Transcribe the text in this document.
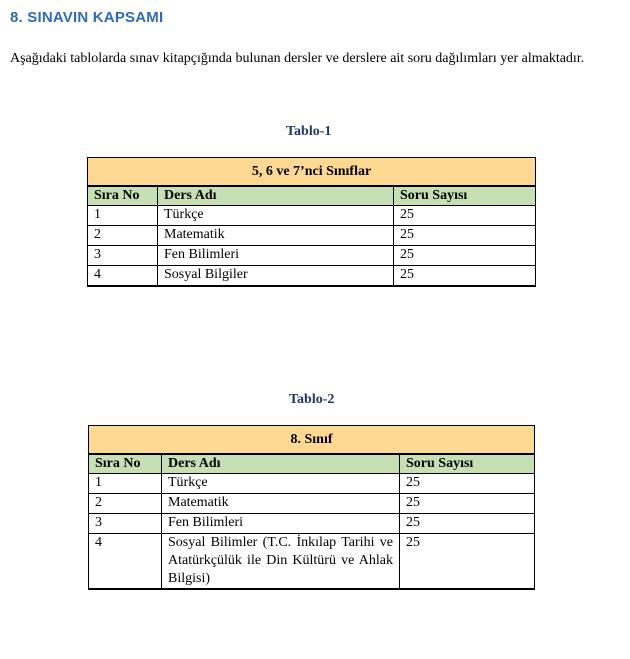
8. SINAVIN KAPSAMI
Aşağıdaki tablolarda sınav kitapçığında bulunan dersler ve derslere ait soru dağılımları yer almaktadır.
Tablo-1
5, 6 ve 7’nci Sınıflar		
Sıra No	Ders Adı	Soru Sayısı
1	Türkçe	25
2	Matematik	25
3	Fen Bilimleri	25
4	Sosyal Bilgiler	25
Tablo-2
8. Sınıf		
Sıra No	Ders Adı	Soru Sayısı
1	Türkçe	25
2	Matematik	25
3	Fen Bilimleri	25
4	Sosyal Bilimler (T.C. İnkılap Tarihi ve Atatürkçülük ile Din Kültürü ve Ahlak Bilgisi)	25
